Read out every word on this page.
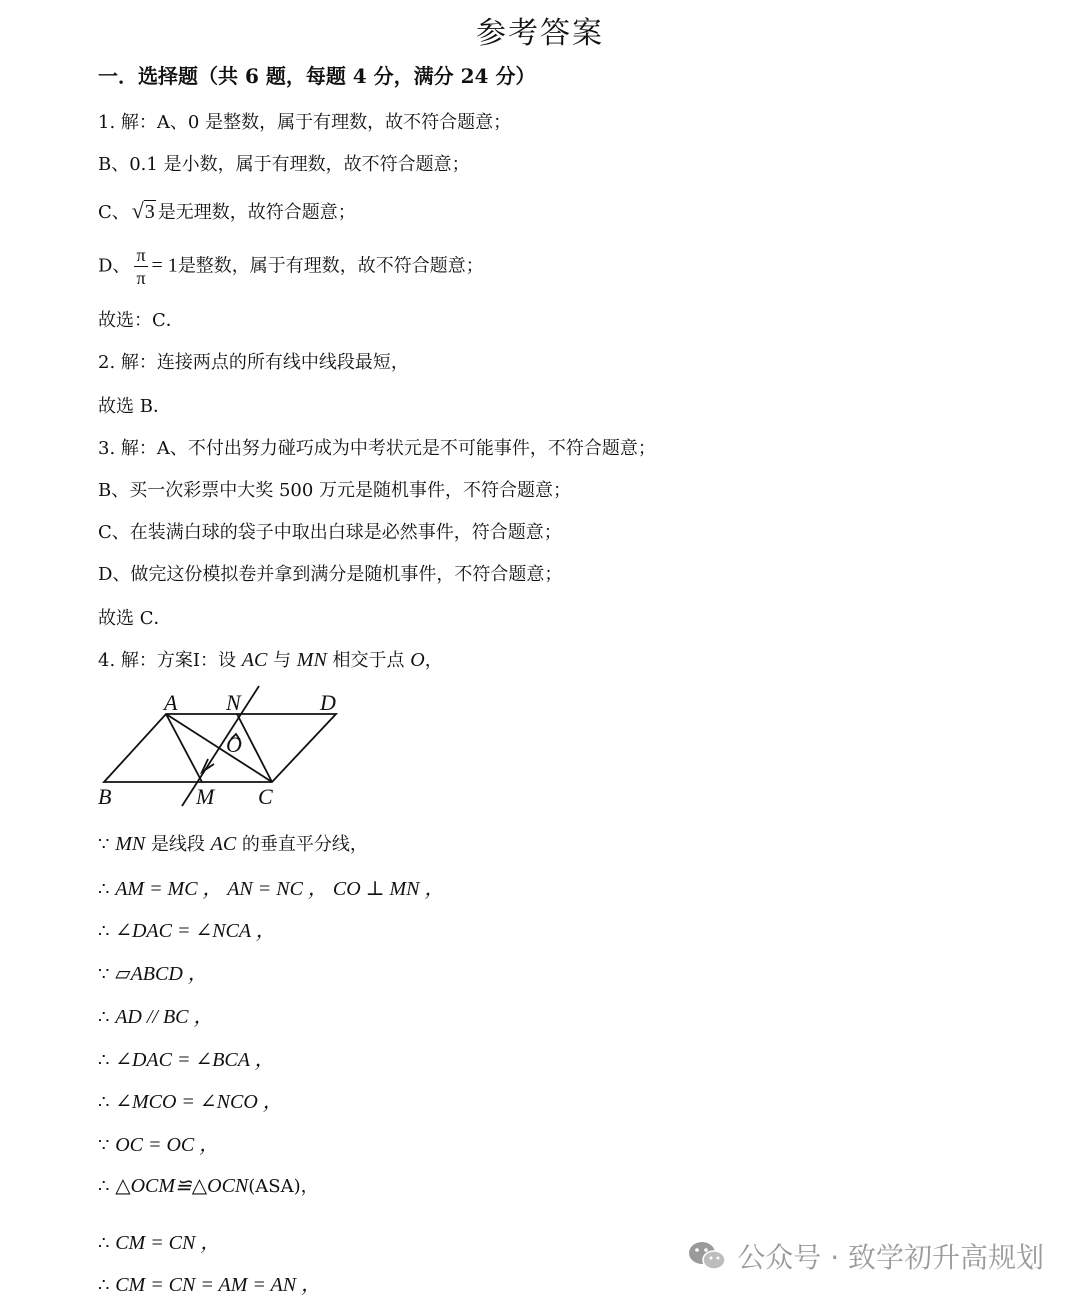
参考答案
一．选择题（共 6 题，每题 4 分，满分 24 分）
1. 解：A、0 是整数，属于有理数，故不符合题意；
B、0.1 是小数，属于有理数，故不符合题意；
C、 √ 3 是无理数，故符合题意；
D、 $\frac{\pi}{\pi} = 1$是整数，属于有理数，故不符合题意；
故选：C．
2. 解：连接两点的所有线中线段最短，
故选 B．
3. 解：A、不付出努力碰巧成为中考状元是不可能事件，不符合题意；
B、买一次彩票中大奖 500 万元是随机事件，不符合题意；
C、在装满白球的袋子中取出白球是必然事件，符合题意；
D、做完这份模拟卷并拿到满分是随机事件，不符合题意；
故选 C．
4. 解：方案Ⅰ：设 AC 与 MN 相交于点 O，
A N	D
O
B	M C
∵ MN 是线段 AC 的垂直平分线，
∴ AM = MC ， AN = NC ， CO ⊥ MN ，
∴ ∠DAC = ∠NCA ，
∵ ▱ABCD ，
∴ AD // BC ，
∴ ∠DAC = ∠BCA ，
∴ ∠MCO = ∠NCO ，
∵ OC = OC ，
∴ △OCM≌△OCN(ASA)，
∴ CM = CN ，
∴ CM = CN = AM = AN ，
公众号 · 致学初升高规划
